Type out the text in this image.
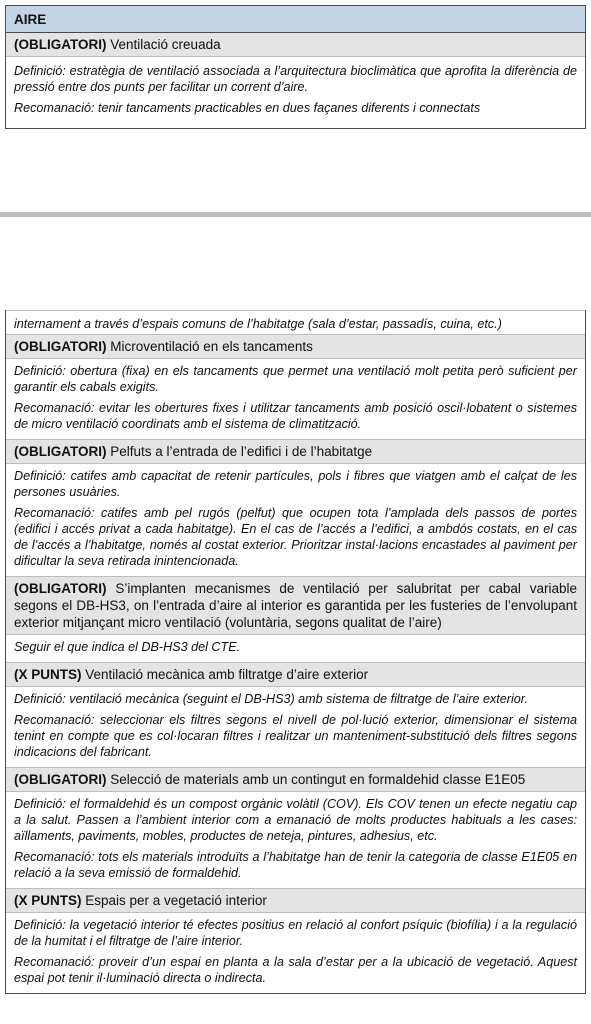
AIRE
(OBLIGATORI) Ventilació creuada

Definició: estratègia de ventilació associada a l’arquitectura bioclimàtica que aprofita la diferència de pressió entre dos punts per facilitar un corrent d’aire.

Recomanació: tenir tancaments practicables en dues façanes diferents i connectats

internament a través d’espais comuns de l’habitatge (sala d’estar, passadís, cuina, etc.)

(OBLIGATORI) Microventilació en els tancaments

Definició: obertura (fixa) en els tancaments que permet una ventilació molt petita però suficient per garantir els cabals exigits.

Recomanació: evitar les obertures fixes i utilitzar tancaments amb posició oscil·lobatent o sistemes de micro ventilació coordinats amb el sistema de climatització.

(OBLIGATORI) Pelfuts a l’entrada de l’edifici i de l’habitatge

Definició: catifes amb capacitat de retenir partícules, pols i fibres que viatgen amb el calçat de les persones usuàries.

Recomanació: catifes amb pel rugós (pelfut) que ocupen tota l’amplada dels passos de portes (edifici i accés privat a cada habitatge). En el cas de l’accés a l’edifici, a ambdós costats, en el cas de l’accés a l’habitatge, només al costat exterior. Prioritzar instal·lacions encastades al paviment per dificultar la seva retirada inintencionada.

(OBLIGATORI) S’implanten mecanismes de ventilació per salubritat per cabal variable segons el DB-HS3, on l’entrada d’aire al interior es garantida per les fusteries de l’envolupant exterior mitjançant micro ventilació (voluntària, segons qualitat de l’aire)

Seguir el que indica el DB-HS3 del CTE.

(X PUNTS) Ventilació mecànica amb filtratge d’aire exterior

Definició: ventilació mecànica (seguint el DB-HS3) amb sistema de filtratge de l’aire exterior.

Recomanació: seleccionar els filtres segons el nivell de pol·lució exterior, dimensionar el sistema tenint en compte que es col·locaran filtres i realitzar un manteniment-substitució dels filtres segons indicacions del fabricant.

(OBLIGATORI) Selecció de materials amb un contingut en formaldehid classe E1E05

Definició: el formaldehid és un compost orgànic volàtil (COV). Els COV tenen un efecte negatiu cap a la salut. Passen a l’ambient interior com a emanació de molts productes habituals a les cases: aïllaments, paviments, mobles, productes de neteja, pintures, adhesius, etc.

Recomanació: tots els materials introduïts a l’habitatge han de tenir la categoria de classe E1E05 en relació a la seva emissió de formaldehid.

(X PUNTS) Espais per a vegetació interior

Definició: la vegetació interior té efectes positius en relació al confort psíquic (biofília) i a la regulació de la humitat i el filtratge de l’aire interior.

Recomanació: proveir d’un espai en planta a la sala d’estar per a la ubicació de vegetació. Aquest espai pot tenir il·luminació directa o indirecta.
